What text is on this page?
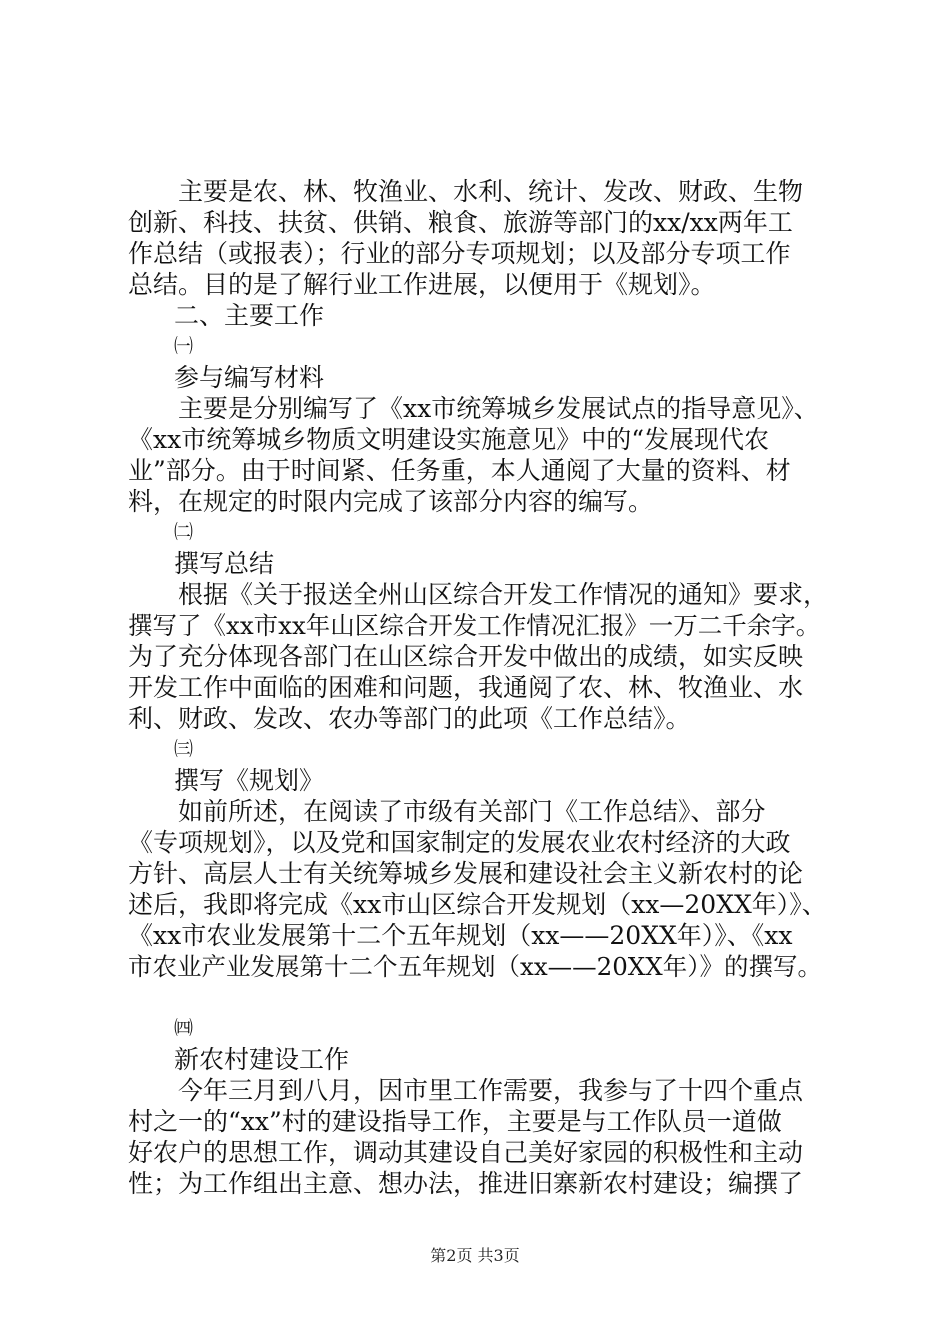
主要是农、林、牧渔业、水利、统计、发改、财政、生物
创新、科技、扶贫、供销、粮食、旅游等部门的xx/xx两年工
作总结（或报表）；行业的部分专项规划；以及部分专项工作
总结。目的是了解行业工作进展，以便用于《规划》。
二、主要工作
㈠
参与编写材料
主要是分别编写了《xx市统筹城乡发展试点的指导意见》、
《xx市统筹城乡物质文明建设实施意见》中的“发展现代农
业”部分。由于时间紧、任务重，本人通阅了大量的资料、材
料，在规定的时限内完成了该部分内容的编写。
㈡
撰写总结
根据《关于报送全州山区综合开发工作情况的通知》要求，
撰写了《xx市xx年山区综合开发工作情况汇报》一万二千余字。
为了充分体现各部门在山区综合开发中做出的成绩，如实反映
开发工作中面临的困难和问题，我通阅了农、林、牧渔业、水
利、财政、发改、农办等部门的此项《工作总结》。
㈢
撰写《规划》
如前所述，在阅读了市级有关部门《工作总结》、部分
《专项规划》，以及党和国家制定的发展农业农村经济的大政
方针、高层人士有关统筹城乡发展和建设社会主义新农村的论
述后，我即将完成《xx市山区综合开发规划（xx—20XX年）》、
《xx市农业发展第十二个五年规划（xx——20XX年）》、《xx
市农业产业发展第十二个五年规划（xx——20XX年）》的撰写。
㈣
新农村建设工作
今年三月到八月，因市里工作需要，我参与了十四个重点
村之一的“xx”村的建设指导工作，主要是与工作队员一道做
好农户的思想工作，调动其建设自己美好家园的积极性和主动
性；为工作组出主意、想办法，推进旧寨新农村建设；编撰了
第2页 共3页
